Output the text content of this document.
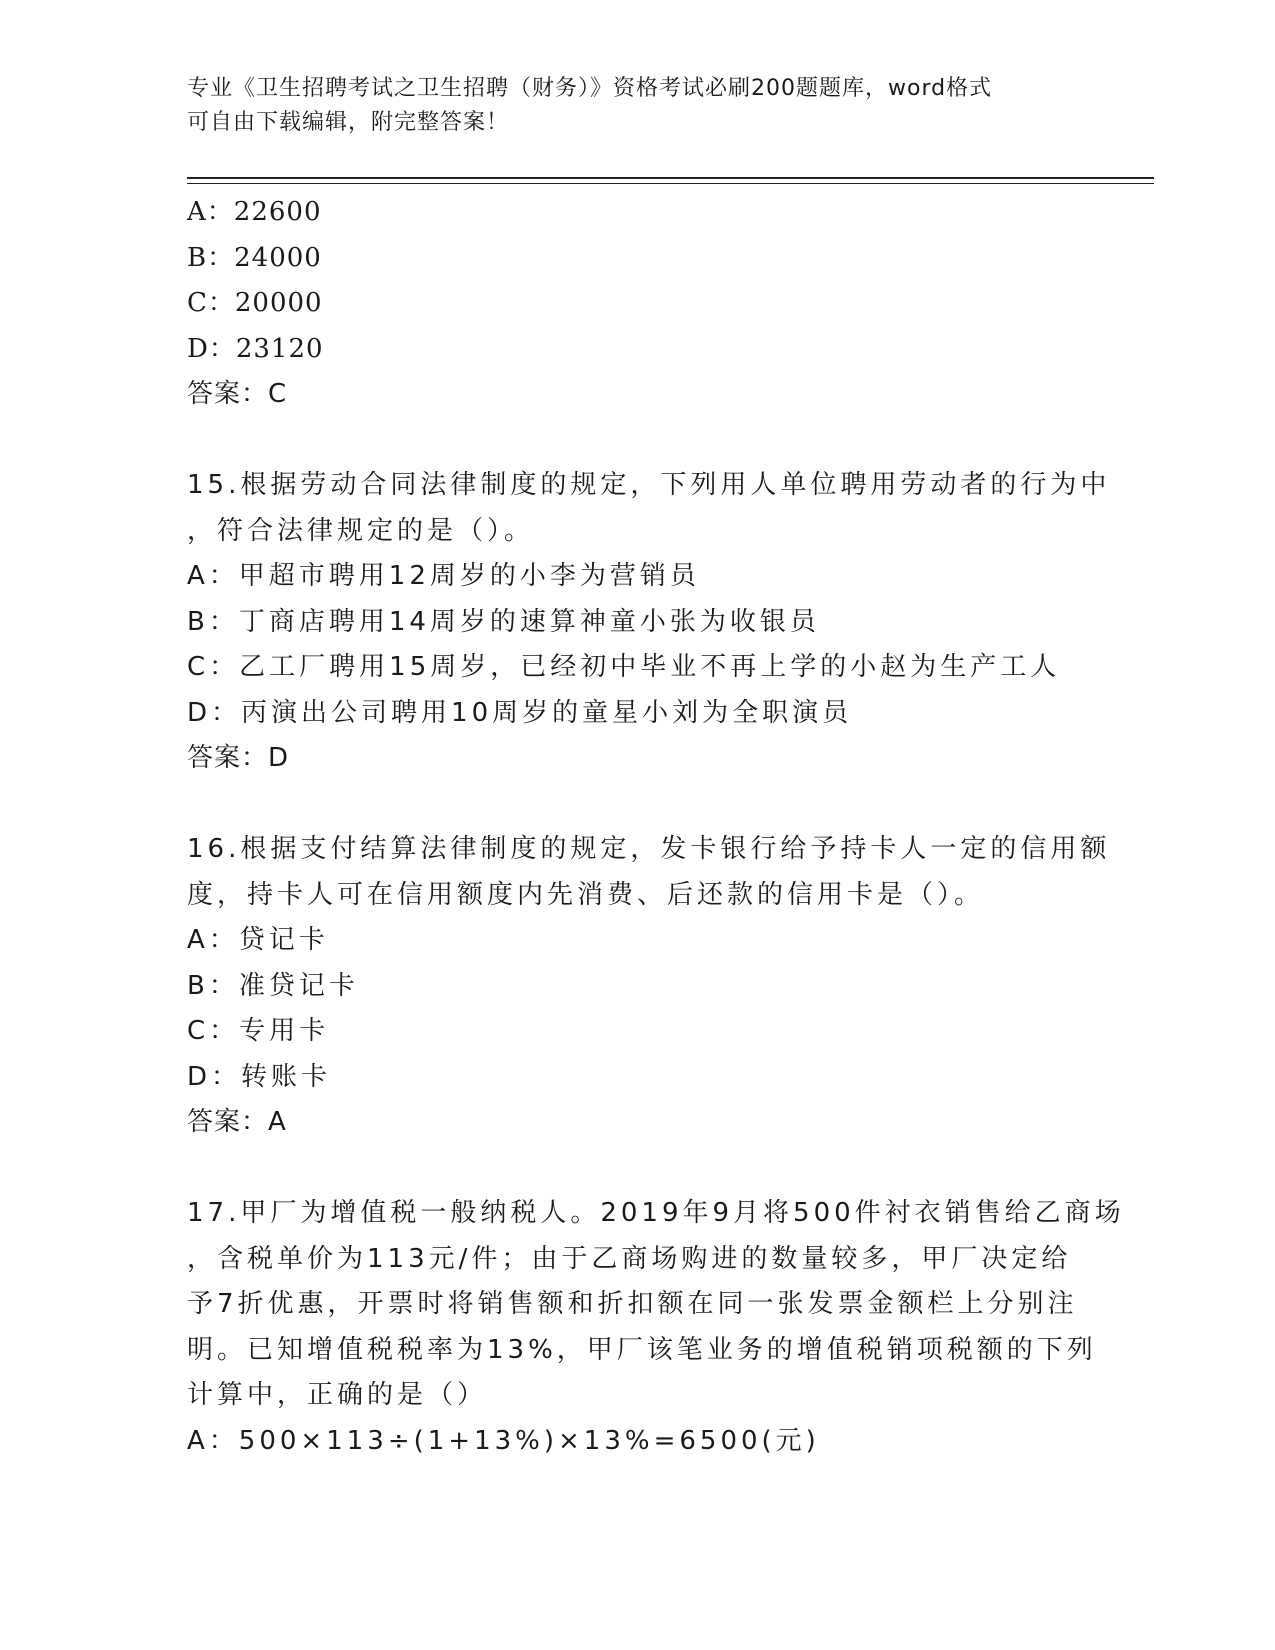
专业《卫生招聘考试之卫生招聘（财务）》资格考试必刷200题题库，word格式
可自由下载编辑，附完整答案！
A：22600
B：24000
C：20000
D：23120
答案：C
15.根据劳动合同法律制度的规定，下列用人单位聘用劳动者的行为中
，符合法律规定的是（）。
A：甲超市聘用12周岁的小李为营销员
B：丁商店聘用14周岁的速算神童小张为收银员
C：乙工厂聘用15周岁，已经初中毕业不再上学的小赵为生产工人
D：丙演出公司聘用10周岁的童星小刘为全职演员
答案：D
16.根据支付结算法律制度的规定，发卡银行给予持卡人一定的信用额
度，持卡人可在信用额度内先消费、后还款的信用卡是（）。
A：贷记卡
B：准贷记卡
C：专用卡
D：转账卡
答案：A
17.甲厂为增值税一般纳税人。2019年9月将500件衬衣销售给乙商场
，含税单价为113元/件；由于乙商场购进的数量较多，甲厂决定给
予7折优惠，开票时将销售额和折扣额在同一张发票金额栏上分别注
明。已知增值税税率为13%，甲厂该笔业务的增值税销项税额的下列
计算中，正确的是（）
A：500×113÷(1+13%)×13%=6500(元)
